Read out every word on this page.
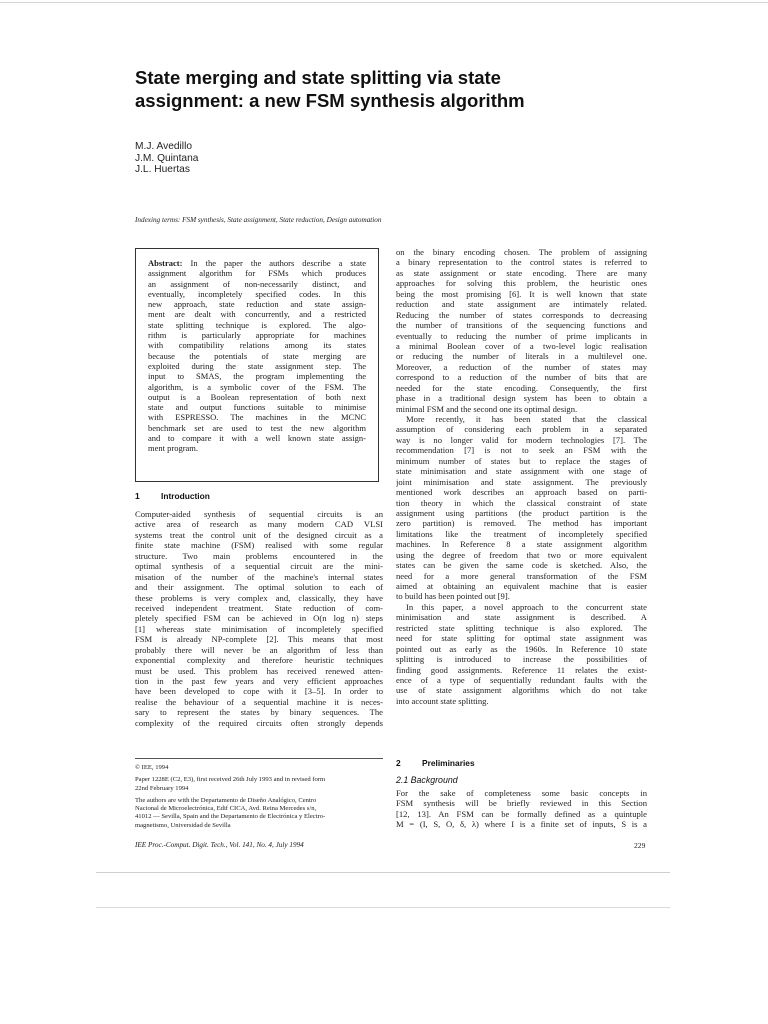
State merging and state splitting via state
assignment: a new FSM synthesis algorithm
M.J. Avedillo
J.M. Quintana
J.L. Huertas
Indexing terms: FSM synthesis, State assignment, State reduction, Design automation
Abstract: In the paper the authors describe a state
assignment algorithm for FSMs which produces
an assignment of non-necessarily distinct, and
eventually, incompletely specified codes. In this
new approach, state reduction and state assign-
ment are dealt with concurrently, and a restricted
state splitting technique is explored. The algo-
rithm is particularly appropriate for machines
with compatibility relations among its states
because the potentials of state merging are
exploited during the state assignment step. The
input to SMAS, the program implementing the
algorithm, is a symbolic cover of the FSM. The
output is a Boolean representation of both next
state and output functions suitable to minimise
with ESPRESSO. The machines in the MCNC
benchmark set are used to test the new algorithm
and to compare it with a well known state assign-
ment program.
1	Introduction
Computer-aided synthesis of sequential circuits is an
active area of research as many modern CAD VLSI
systems treat the control unit of the designed circuit as a
finite state machine (FSM) realised with some regular
structure. Two main problems encountered in the
optimal synthesis of a sequential circuit are the mini-
misation of the number of the machine's internal states
and their assignment. The optimal solution to each of
these problems is very complex and, classically, they have
received independent treatment. State reduction of com-
pletely specified FSM can be achieved in O(n log n) steps
[1] whereas state minimisation of incompletely specified
FSM is already NP-complete [2]. This means that most
probably there will never be an algorithm of less than
exponential complexity and therefore heuristic techniques
must be used. This problem has received renewed atten-
tion in the past few years and very efficient approaches
have been developed to cope with it [3–5]. In order to
realise the behaviour of a sequential machine it is neces-
sary to represent the states by binary sequences. The
complexity of the required circuits often strongly depends
© IEE, 1994
Paper 1228E (C2, E3), first received 26th July 1993 and in revised form
22nd February 1994
The authors are with the Departamento de Diseño Analógico, Centro
Nacional de Microelectrónica, Edif CICA, Avd. Reina Mercedes s/n,
41012 — Sevilla, Spain and the Departamento de Electrónica y Electro-
magnetismo, Universidad de Sevilla
IEE Proc.-Comput. Digit. Tech., Vol. 141, No. 4, July 1994	229
on the binary encoding chosen. The problem of assigning
a binary representation to the control states is referred to
as state assignment or state encoding. There are many
approaches for solving this problem, the heuristic ones
being the most promising [6]. It is well known that state
reduction and state assignment are intimately related.
Reducing the number of states corresponds to decreasing
the number of transitions of the sequencing functions and
eventually to reducing the number of prime implicants in
a minimal Boolean cover of a two-level logic realisation
or reducing the number of literals in a multilevel one.
Moreover, a reduction of the number of states may
correspond to a reduction of the number of bits that are
needed for the state encoding. Consequently, the first
phase in a traditional design system has been to obtain a
minimal FSM and the second one its optimal design.
More recently, it has been stated that the classical
assumption of considering each problem in a separated
way is no longer valid for modern technologies [7]. The
recommendation [7] is not to seek an FSM with the
minimum number of states but to replace the stages of
state minimisation and state assignment with one stage of
joint minimisation and state assignment. The previously
mentioned work describes an approach based on parti-
tion theory in which the classical constraint of state
assignment using partitions (the product partition is the
zero partition) is removed. The method has important
limitations like the treatment of incompletely specified
machines. In Reference 8 a state assignment algorithm
using the degree of freedom that two or more equivalent
states can be given the same code is sketched. Also, the
need for a more general transformation of the FSM
aimed at obtaining an equivalent machine that is easier
to build has been pointed out [9].
In this paper, a novel approach to the concurrent state
minimisation and state assignment is described. A
restricted state splitting technique is also explored. The
need for state splitting for optimal state assignment was
pointed out as early as the 1960s. In Reference 10 state
splitting is introduced to increase the possibilities of
finding good assignments. Reference 11 relates the exist-
ence of a type of sequentially redundant faults with the
use of state assignment algorithms which do not take
into account state splitting.
2	Preliminaries
2.1 Background
For the sake of completeness some basic concepts in
FSM synthesis will be briefly reviewed in this Section
[12, 13]. An FSM can be formally defined as a quintuple
M = (I, S, O, δ, λ) where I is a finite set of inputs, S is a
